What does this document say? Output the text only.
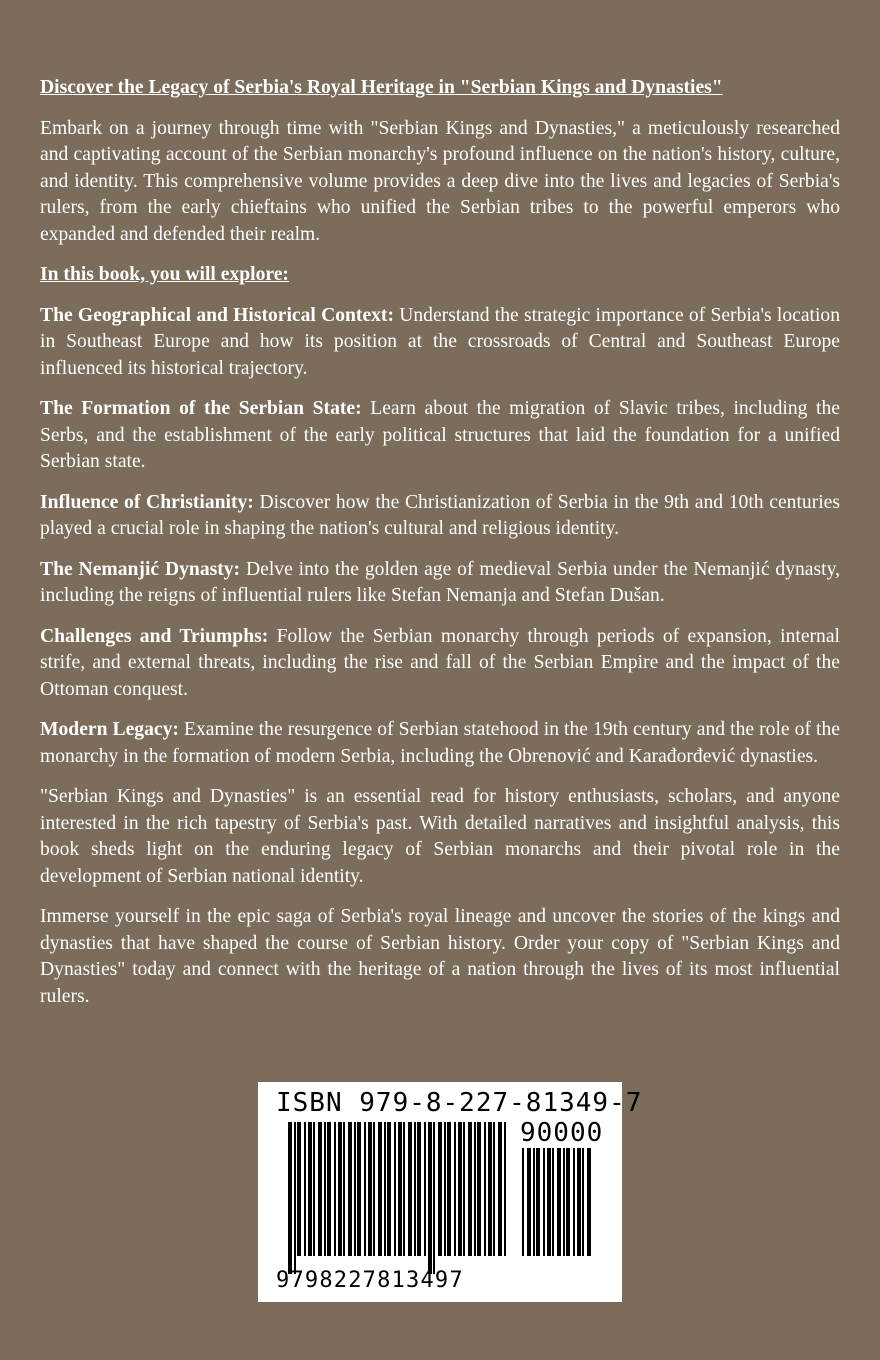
Discover the Legacy of Serbia's Royal Heritage in "Serbian Kings and Dynasties"

Embark on a journey through time with "Serbian Kings and Dynasties," a meticulously researched and captivating account of the Serbian monarchy's profound influence on the nation's history, culture, and identity. This comprehensive volume provides a deep dive into the lives and legacies of Serbia's rulers, from the early chieftains who unified the Serbian tribes to the powerful emperors who expanded and defended their realm.

In this book, you will explore:

The Geographical and Historical Context: Understand the strategic importance of Serbia's location in Southeast Europe and how its position at the crossroads of Central and Southeast Europe influenced its historical trajectory.

The Formation of the Serbian State: Learn about the migration of Slavic tribes, including the Serbs, and the establishment of the early political structures that laid the foundation for a unified Serbian state.

Influence of Christianity: Discover how the Christianization of Serbia in the 9th and 10th centuries played a crucial role in shaping the nation's cultural and religious identity.

The Nemanjić Dynasty: Delve into the golden age of medieval Serbia under the Nemanjić dynasty, including the reigns of influential rulers like Stefan Nemanja and Stefan Dušan.

Challenges and Triumphs: Follow the Serbian monarchy through periods of expansion, internal strife, and external threats, including the rise and fall of the Serbian Empire and the impact of the Ottoman conquest.

Modern Legacy: Examine the resurgence of Serbian statehood in the 19th century and the role of the monarchy in the formation of modern Serbia, including the Obrenović and Karađorđević dynasties.

"Serbian Kings and Dynasties" is an essential read for history enthusiasts, scholars, and anyone interested in the rich tapestry of Serbia's past. With detailed narratives and insightful analysis, this book sheds light on the enduring legacy of Serbian monarchs and their pivotal role in the development of Serbian national identity.

Immerse yourself in the epic saga of Serbia's royal lineage and uncover the stories of the kings and dynasties that have shaped the course of Serbian history. Order your copy of "Serbian Kings and Dynasties" today and connect with the heritage of a nation through the lives of its most influential rulers.

ISBN 979-8-227-81349-7
90000
9798227813497
